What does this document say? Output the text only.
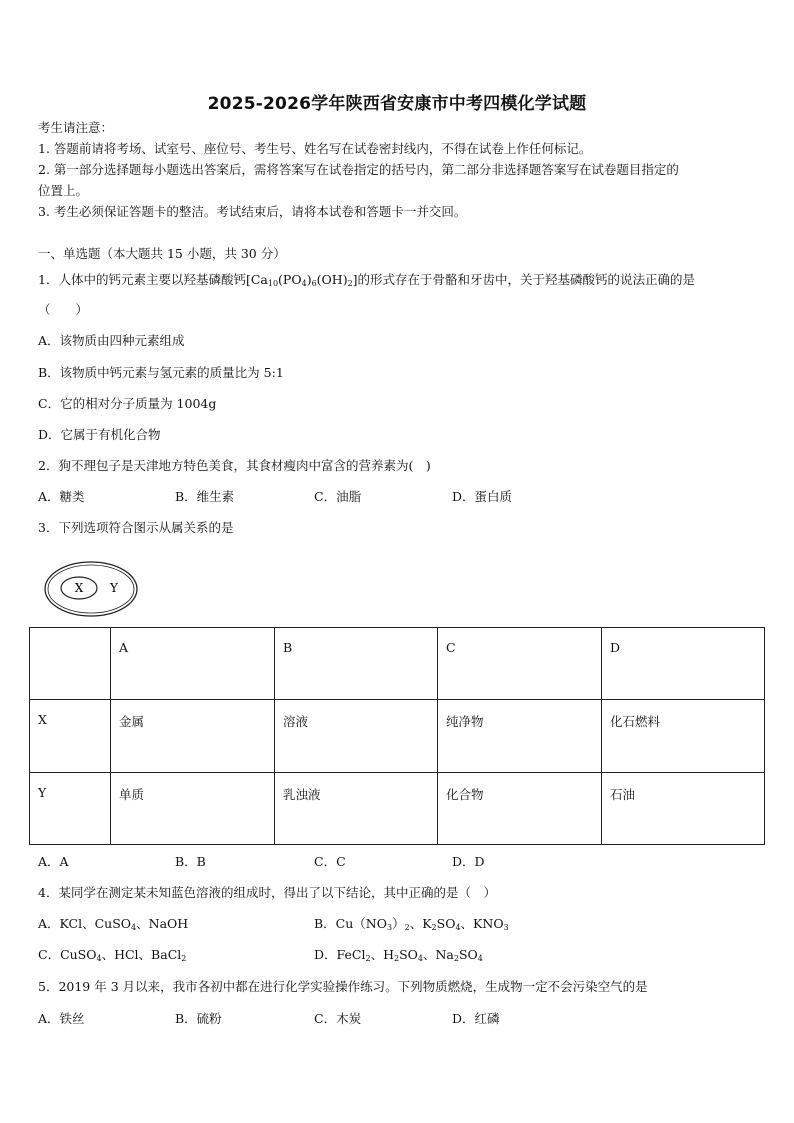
2025-2026学年陕西省安康市中考四模化学试题
考生请注意：
1. 答题前请将考场、试室号、座位号、考生号、姓名写在试卷密封线内，不得在试卷上作任何标记。
2. 第一部分选择题每小题选出答案后，需将答案写在试卷指定的括号内，第二部分非选择题答案写在试卷题目指定的
位置上。
3. 考生必须保证答题卡的整洁。考试结束后，请将本试卷和答题卡一并交回。
一、单选题（本大题共 15 小题，共 30 分）
1．人体中的钙元素主要以羟基磷酸钙$[Ca_{10}(PO_4)_6(OH)_2]$的形式存在于骨骼和牙齿中，关于羟基磷酸钙的说法正确的是
（　　）
A．该物质由四种元素组成
B．该物质中钙元素与氢元素的质量比为 5:1
C．它的相对分子质量为 1004g
D．它属于有机化合物
2．狗不理包子是天津地方特色美食，其食材瘦肉中富含的营养素为(　)
A．糖类	B．维生素	C．油脂	D．蛋白质
3．下列选项符合图示从属关系的是
X Y
	A	B	C	D
X	金属	溶液	纯净物	化石燃料
Y	单质	乳浊液	化合物	石油
A．A	B．B	C．C	D．D
4．某同学在测定某未知蓝色溶液的组成时，得出了以下结论，其中正确的是（　）
A．KCl、CuSO$_4$、NaOH	B．$Cu(NO_3)_2$、$K_2SO_4$、$KNO_3$
C．CuSO$_4$、HCl、BaCl$_2$	D．FeCl$_2$、$H_2SO_4$、$Na_2SO_4$
5．2019 年 3 月以来，我市各初中都在进行化学实验操作练习。下列物质燃烧，生成物一定不会污染空气的是
A．铁丝	B．硫粉	C．木炭	D．红磷
